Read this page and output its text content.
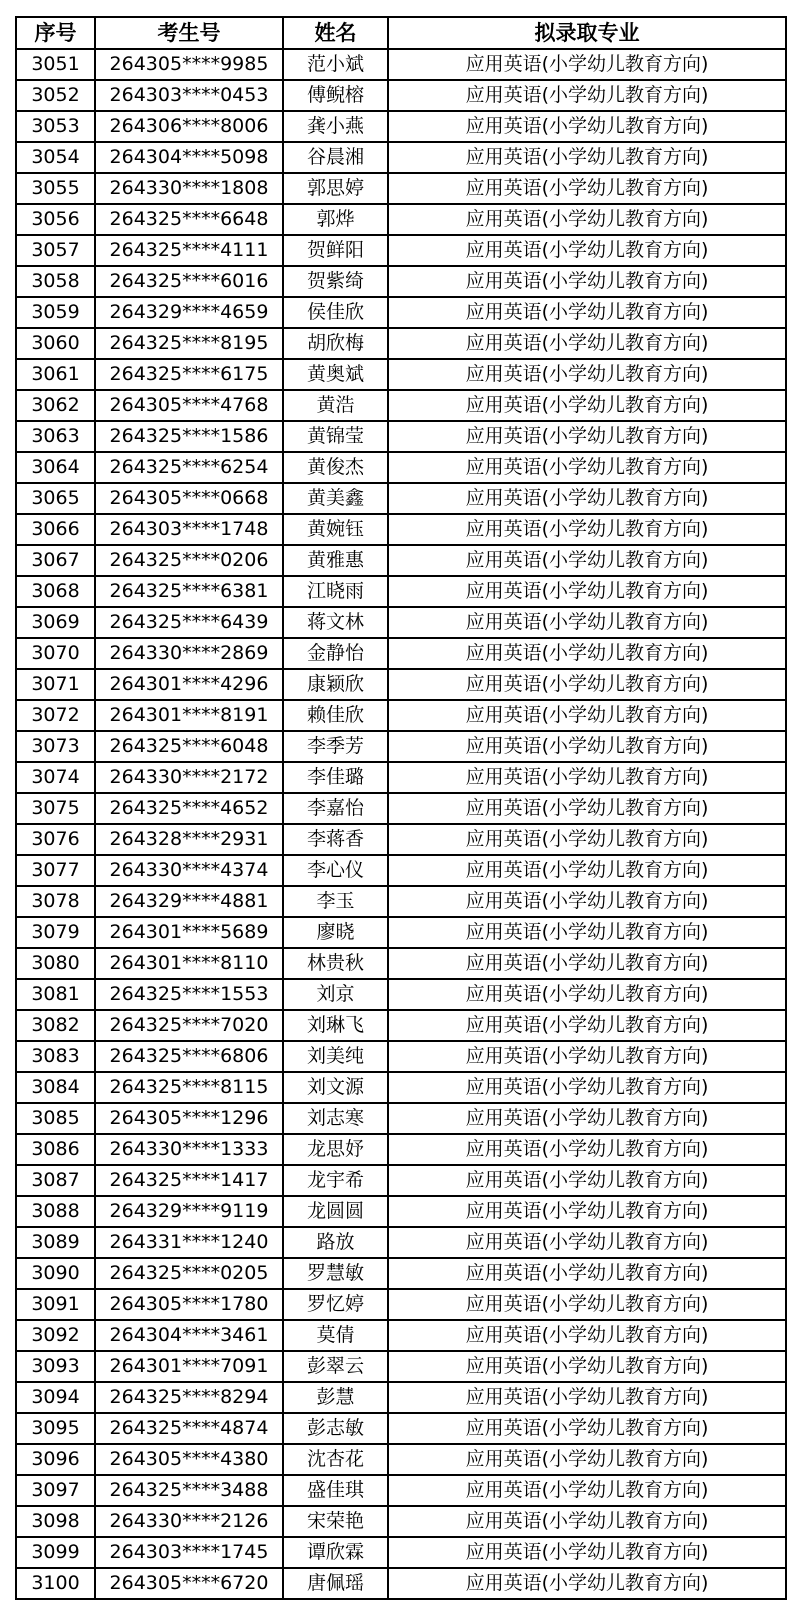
序号	考生号	姓名	拟录取专业
3051	264305****9985	范小斌	应用英语(小学幼儿教育方向)
3052	264303****0453	傅鲵榕	应用英语(小学幼儿教育方向)
3053	264306****8006	龚小燕	应用英语(小学幼儿教育方向)
3054	264304****5098	谷晨湘	应用英语(小学幼儿教育方向)
3055	264330****1808	郭思婷	应用英语(小学幼儿教育方向)
3056	264325****6648	郭烨	应用英语(小学幼儿教育方向)
3057	264325****4111	贺鲜阳	应用英语(小学幼儿教育方向)
3058	264325****6016	贺紫绮	应用英语(小学幼儿教育方向)
3059	264329****4659	侯佳欣	应用英语(小学幼儿教育方向)
3060	264325****8195	胡欣梅	应用英语(小学幼儿教育方向)
3061	264325****6175	黄奥斌	应用英语(小学幼儿教育方向)
3062	264305****4768	黄浩	应用英语(小学幼儿教育方向)
3063	264325****1586	黄锦莹	应用英语(小学幼儿教育方向)
3064	264325****6254	黄俊杰	应用英语(小学幼儿教育方向)
3065	264305****0668	黄美鑫	应用英语(小学幼儿教育方向)
3066	264303****1748	黄婉钰	应用英语(小学幼儿教育方向)
3067	264325****0206	黄雅惠	应用英语(小学幼儿教育方向)
3068	264325****6381	江晓雨	应用英语(小学幼儿教育方向)
3069	264325****6439	蒋文林	应用英语(小学幼儿教育方向)
3070	264330****2869	金静怡	应用英语(小学幼儿教育方向)
3071	264301****4296	康颖欣	应用英语(小学幼儿教育方向)
3072	264301****8191	赖佳欣	应用英语(小学幼儿教育方向)
3073	264325****6048	李季芳	应用英语(小学幼儿教育方向)
3074	264330****2172	李佳璐	应用英语(小学幼儿教育方向)
3075	264325****4652	李嘉怡	应用英语(小学幼儿教育方向)
3076	264328****2931	李蒋香	应用英语(小学幼儿教育方向)
3077	264330****4374	李心仪	应用英语(小学幼儿教育方向)
3078	264329****4881	李玉	应用英语(小学幼儿教育方向)
3079	264301****5689	廖晓	应用英语(小学幼儿教育方向)
3080	264301****8110	林贵秋	应用英语(小学幼儿教育方向)
3081	264325****1553	刘京	应用英语(小学幼儿教育方向)
3082	264325****7020	刘琳飞	应用英语(小学幼儿教育方向)
3083	264325****6806	刘美纯	应用英语(小学幼儿教育方向)
3084	264325****8115	刘文源	应用英语(小学幼儿教育方向)
3085	264305****1296	刘志寒	应用英语(小学幼儿教育方向)
3086	264330****1333	龙思妤	应用英语(小学幼儿教育方向)
3087	264325****1417	龙宇希	应用英语(小学幼儿教育方向)
3088	264329****9119	龙圆圆	应用英语(小学幼儿教育方向)
3089	264331****1240	路放	应用英语(小学幼儿教育方向)
3090	264325****0205	罗慧敏	应用英语(小学幼儿教育方向)
3091	264305****1780	罗忆婷	应用英语(小学幼儿教育方向)
3092	264304****3461	莫倩	应用英语(小学幼儿教育方向)
3093	264301****7091	彭翠云	应用英语(小学幼儿教育方向)
3094	264325****8294	彭慧	应用英语(小学幼儿教育方向)
3095	264325****4874	彭志敏	应用英语(小学幼儿教育方向)
3096	264305****4380	沈杏花	应用英语(小学幼儿教育方向)
3097	264325****3488	盛佳琪	应用英语(小学幼儿教育方向)
3098	264330****2126	宋荣艳	应用英语(小学幼儿教育方向)
3099	264303****1745	谭欣霖	应用英语(小学幼儿教育方向)
3100	264305****6720	唐佩瑶	应用英语(小学幼儿教育方向)
